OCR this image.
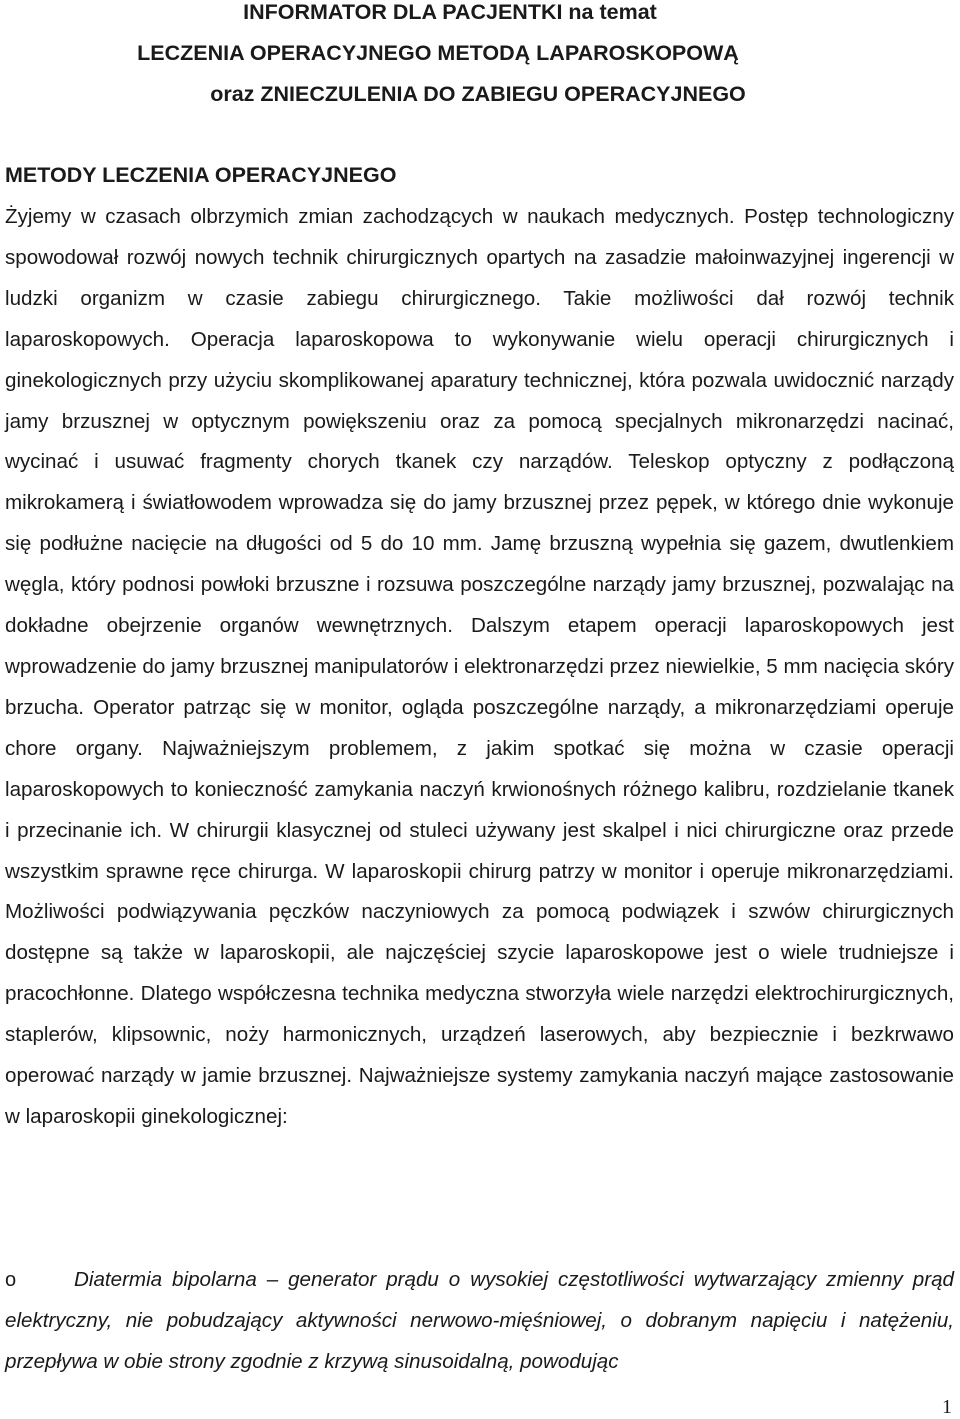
INFORMATOR DLA PACJENTKI na temat

LECZENIA OPERACYJNEGO METODĄ LAPAROSKOPOWĄ

oraz ZNIECZULENIA DO ZABIEGU OPERACYJNEGO

METODY LECZENIA OPERACYJNEGO

Żyjemy w czasach olbrzymich zmian zachodzących w naukach medycznych. Postęp technologiczny spowodował rozwój nowych technik chirurgicznych opartych na zasadzie małoinwazyjnej ingerencji w ludzki organizm w czasie zabiegu chirurgicznego. Takie możliwości dał rozwój technik laparoskopowych. Operacja laparoskopowa to wykonywanie wielu operacji chirurgicznych i ginekologicznych przy użyciu skomplikowanej aparatury technicznej, która pozwala uwidocznić narządy jamy brzusznej w optycznym powiększeniu oraz za pomocą specjalnych mikronarzędzi nacinać, wycinać i usuwać fragmenty chorych tkanek czy narządów. Teleskop optyczny z podłączoną mikrokamerą i światłowodem wprowadza się do jamy brzusznej przez pępek, w którego dnie wykonuje się podłużne nacięcie na długości od 5 do 10 mm. Jamę brzuszną wypełnia się gazem, dwutlenkiem węgla, który podnosi powłoki brzuszne i rozsuwa poszczególne narządy jamy brzusznej, pozwalając na dokładne obejrzenie organów wewnętrznych. Dalszym etapem operacji laparoskopowych jest wprowadzenie do jamy brzusznej manipulatorów i elektronarzędzi przez niewielkie, 5 mm nacięcia skóry brzucha. Operator patrząc się w monitor, ogląda poszczególne narządy, a mikronarzędziami operuje chore organy. Najważniejszym problemem, z jakim spotkać się można w czasie operacji laparoskopowych to konieczność zamykania naczyń krwionośnych różnego kalibru, rozdzielanie tkanek i przecinanie ich. W chirurgii klasycznej od stuleci używany jest skalpel i nici chirurgiczne oraz przede wszystkim sprawne ręce chirurga. W laparoskopii chirurg patrzy w monitor i operuje mikronarzędziami. Możliwości podwiązywania pęczków naczyniowych za pomocą podwiązek i szwów chirurgicznych dostępne są także w laparoskopii, ale najczęściej szycie laparoskopowe jest o wiele trudniejsze i pracochłonne. Dlatego współczesna technika medyczna stworzyła wiele narzędzi elektrochirurgicznych, staplerów, klipsownic, noży harmonicznych, urządzeń laserowych, aby bezpiecznie i bezkrwawo operować narządy w jamie brzusznej. Najważniejsze systemy zamykania naczyń mające zastosowanie w laparoskopii ginekologicznej:

o	Diatermia bipolarna – generator prądu o wysokiej częstotliwości wytwarzający zmienny prąd elektryczny, nie pobudzający aktywności nerwowo-mięśniowej, o dobranym napięciu i natężeniu, przepływa w obie strony zgodnie z krzywą sinusoidalną, powodując

1
